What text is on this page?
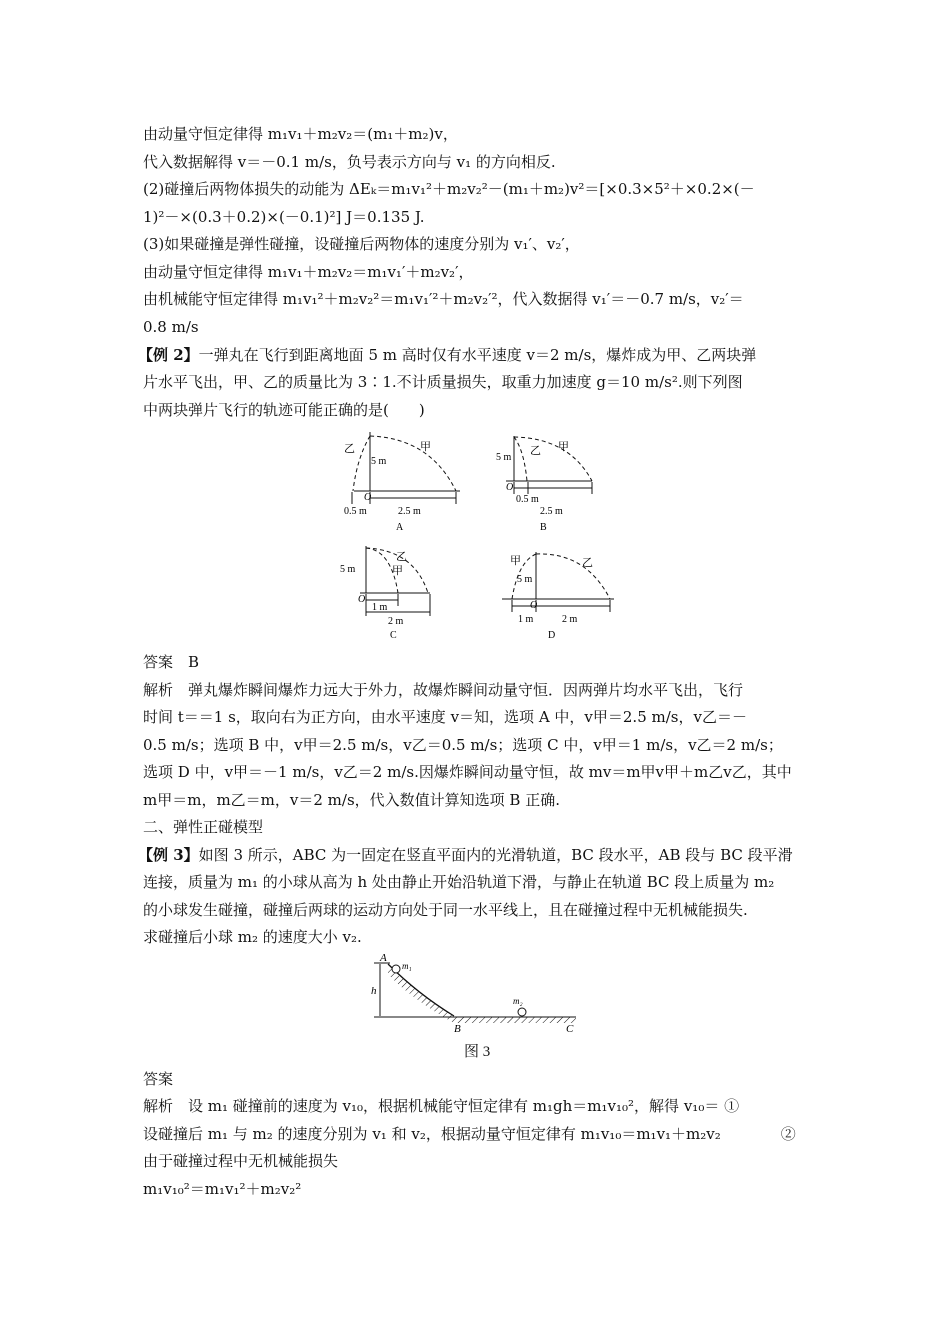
由动量守恒定律得 m₁v₁＋m₂v₂＝(m₁＋m₂)v，
代入数据解得 v＝－0.1 m/s，负号表示方向与 v₁ 的方向相反.
(2)碰撞后两物体损失的动能为 ΔEₖ＝m₁v₁²＋m₂v₂²－(m₁＋m₂)v²＝[×0.3×5²＋×0.2×(－
1)²－×(0.3＋0.2)×(－0.1)²] J＝0.135 J.
(3)如果碰撞是弹性碰撞，设碰撞后两物体的速度分别为 v₁′、v₂′，
由动量守恒定律得 m₁v₁＋m₂v₂＝m₁v₁′＋m₂v₂′，
由机械能守恒定律得 m₁v₁²＋m₂v₂²＝m₁v₁′²＋m₂v₂′²，代入数据得 v₁′＝－0.7 m/s，v₂′＝
0.8 m/s
【例 2】一弹丸在飞行到距离地面 5 m 高时仅有水平速度 v＝2 m/s，爆炸成为甲、乙两块弹
片水平飞出，甲、乙的质量比为 3∶1.不计质量损失，取重力加速度 g＝10 m/s².则下列图
中两块弹片飞行的轨迹可能正确的是(　　)
乙	甲
5 m
O
0.5 m	2.5 m
A
乙 甲
5 m
O
0.5 m
2.5 m
B
乙
甲
5 m
O
1 m
2 m
C
甲	乙
5 m
O
1 m	2 m
D
答案　B
解析　弹丸爆炸瞬间爆炸力远大于外力，故爆炸瞬间动量守恒．因两弹片均水平飞出，飞行
时间 t＝＝1 s，取向右为正方向，由水平速度 v＝知，选项 A 中，v甲＝2.5 m/s，v乙＝－
0.5 m/s；选项 B 中，v甲＝2.5 m/s，v乙＝0.5 m/s；选项 C 中，v甲＝1 m/s，v乙＝2 m/s；
选项 D 中，v甲＝－1 m/s，v乙＝2 m/s.因爆炸瞬间动量守恒，故 mv＝m甲v甲＋m乙v乙，其中
m甲＝m，m乙＝m，v＝2 m/s，代入数值计算知选项 B 正确.
二、弹性正碰模型
【例 3】如图 3 所示，ABC 为一固定在竖直平面内的光滑轨道，BC 段水平，AB 段与 BC 段平滑
连接，质量为 m₁ 的小球从高为 h 处由静止开始沿轨道下滑，与静止在轨道 BC 段上质量为 m₂
的小球发生碰撞，碰撞后两球的运动方向处于同一水平线上，且在碰撞过程中无机械能损失.
求碰撞后小球 m₂ 的速度大小 v₂.
A
h
m₁
m₂
B	C
图 3
答案
解析　设 m₁ 碰撞前的速度为 v₁₀，根据机械能守恒定律有 m₁gh＝m₁v₁₀²，解得 v₁₀＝ ①
设碰撞后 m₁ 与 m₂ 的速度分别为 v₁ 和 v₂，根据动量守恒定律有 m₁v₁₀＝m₁v₁＋m₂v₂　　　　②
由于碰撞过程中无机械能损失
m₁v₁₀²＝m₁v₁²＋m₂v₂²
